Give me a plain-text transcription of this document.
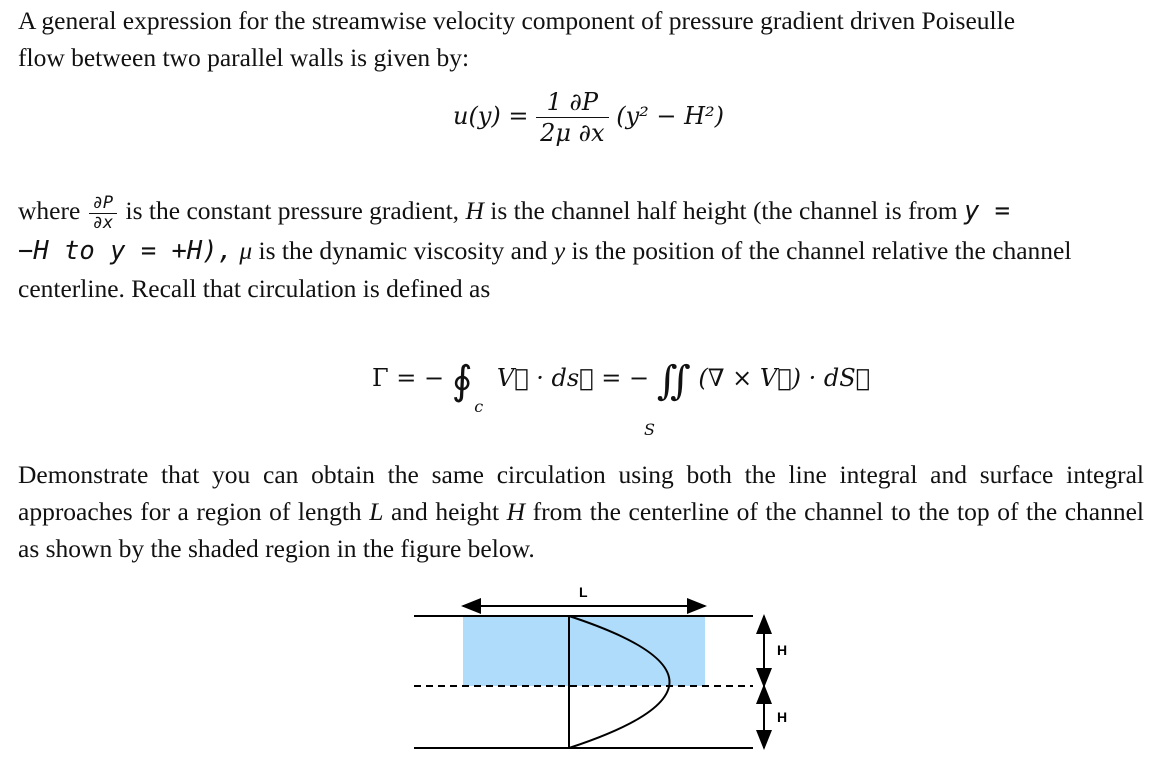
A general expression for the streamwise velocity component of pressure gradient driven Poiseulle
flow between two parallel walls is given by:
$u(y) = \frac{1 \partial P}{2\mu \partial x} (y^2 - H^2)$
where $\frac{\partial P}{\partial x}$ is the constant pressure gradient, H is the channel half height (the channel is from y =
−H to y = +H), μ is the dynamic viscosity and y is the position of the channel relative the channel
centerline. Recall that circulation is defined as
Γ = − ∮ $_c$ V⃗ · ds⃗ = − ∬ (∇ × V⃗) · dS⃗
S
Demonstrate that you can obtain the same circulation using both the line integral and surface integral approaches for a region of length L and height H from the centerline of the channel to the top of the channel as shown by the shaded region in the figure below.
L
H
H
